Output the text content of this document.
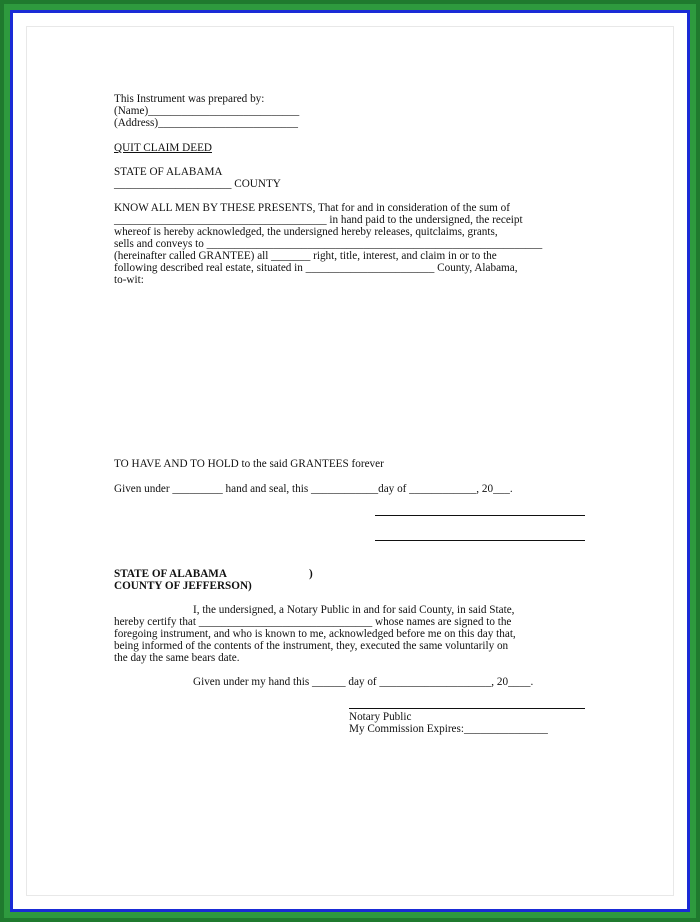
This Instrument was prepared by:
(Name)___________________________
(Address)_________________________
QUIT CLAIM DEED
STATE OF ALABAMA
_____________________ COUNTY
KNOW ALL MEN BY THESE PRESENTS, That for and in consideration of the sum of
______________________________________ in hand paid to the undersigned, the receipt
whereof is hereby acknowledged, the undersigned hereby releases, quitclaims, grants,
sells and conveys to ____________________________________________________________
(hereinafter called GRANTEE) all _______ right, title, interest, and claim in or to the
following described real estate, situated in _______________________ County, Alabama,
to-wit:
TO HAVE AND TO HOLD to the said GRANTEES forever
Given under _________ hand and seal, this ____________day of ____________, 20___.
STATE OF ALABAMA	)
COUNTY OF JEFFERSON)
I, the undersigned, a Notary Public in and for said County, in said State,
hereby certify that _______________________________ whose names are signed to the
foregoing instrument, and who is known to me, acknowledged before me on this day that,
being informed of the contents of the instrument, they, executed the same voluntarily on
the day the same bears date.
Given under my hand this ______ day of ____________________, 20____.
Notary Public
My Commission Expires:_______________
